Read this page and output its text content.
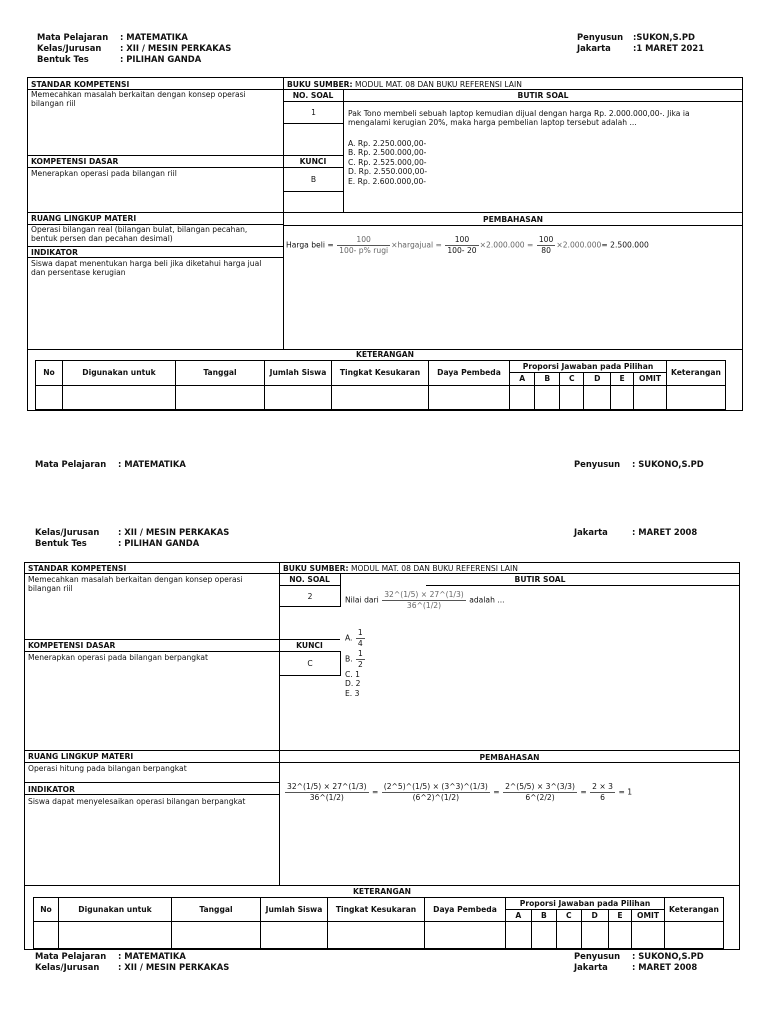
Mata Pelajaran : MATEMATIKA
Kelas/Jurusan : XII / MESIN PERKAKAS
Bentuk Tes	: PILIHAN GANDA
Penyusun :SUKON,S.PD
Jakarta	:1 MARET 2021
STANDAR KOMPETENSI
Memecahkan masalah berkaitan dengan konsep operasi bilangan riil
KOMPETENSI DASAR
Menerapkan operasi pada bilangan riil
RUANG LINGKUP MATERI
Operasi bilangan real (bilangan bulat, bilangan pecahan, bentuk persen dan pecahan desimal)
INDIKATOR
Siswa dapat menentukan harga beli jika diketahui harga jual dan persentase kerugian
BUKU SUMBER: MODUL MAT. 08 DAN BUKU REFERENSI LAIN
NO. SOAL	BUTIR SOAL
1	Pak Tono membeli sebuah laptop kemudian dijual dengan harga Rp. 2.000.000,00-. Jika ia mengalami kerugian 20%, maka harga pembelian laptop tersebut adalah ...
A. Rp. 2.250.000,00-
B. Rp. 2.500.000,00-
C. Rp. 2.525.000,00-
D. Rp. 2.550.000,00-
E. Rp. 2.600.000,00-
KUNCI
B
PEMBAHASAN
Harga beli = $\frac{100}{\text{100- p\% rugi}}$ ×hargajual = $\frac{100}{100- 20} \times 2.000.000 = \frac{100}{80} \times 2.000.000= 2.500.000$
KETERANGAN
No	Digunakan untuk	Tanggal	Jumlah Siswa	Tingkat Kesukaran	Daya Pembeda	Proporsi Jawaban pada Pilihan						Keterangan
						A	B	C	D	E	OMIT	

Mata Pelajaran : MATEMATIKA	Penyusun : SUKONO,S.PD
Kelas/Jurusan : XII / MESIN PERKAKAS
Bentuk Tes	: PILIHAN GANDA
Jakarta	: MARET 2008
STANDAR KOMPETENSI
Memecahkan masalah berkaitan dengan konsep operasi bilangan riil
KOMPETENSI DASAR
Menerapkan operasi pada bilangan berpangkat
RUANG LINGKUP MATERI
Operasi hitung pada bilangan berpangkat
INDIKATOR
Siswa dapat menyelesaikan operasi bilangan berpangkat
BUKU SUMBER: MODUL MAT. 08 DAN BUKU REFERENSI LAIN
NO. SOAL	BUTIR SOAL
2	Nilai dari $\frac{32\^{}(1/5) \times 27\^{}(1/3)}{36\^{}(1/2)}$ adalah ...
KUNCI
C
A. $\frac{1}{4}$
B. $\frac{1}{2}$
C. 1
D. 2
E. 3
PEMBAHASAN
$\frac{32\^{}(1/5) \times 27\^{}(1/3)}{36\^{}(1/2)} = \frac{(2\^{}5)\^{}(1/5) \times (3\^{}3)\^{}(1/3)}{(6\^{}2)\^{}(1/2)} = \frac{2\^{}(5/5) \times 3\^{}(3/3)}{6\^{}(2/2)} = \frac{2 \times 3}{6} = 1$
KETERANGAN
No	Digunakan untuk	Tanggal	Jumlah Siswa	Tingkat Kesukaran	Daya Pembeda	Proporsi Jawaban pada Pilihan						Keterangan
						A	B	C	D	E	OMIT	

Mata Pelajaran : MATEMATIKA
Kelas/Jurusan : XII / MESIN PERKAKAS
Penyusun : SUKONO,S.PD
Jakarta	: MARET 2008
